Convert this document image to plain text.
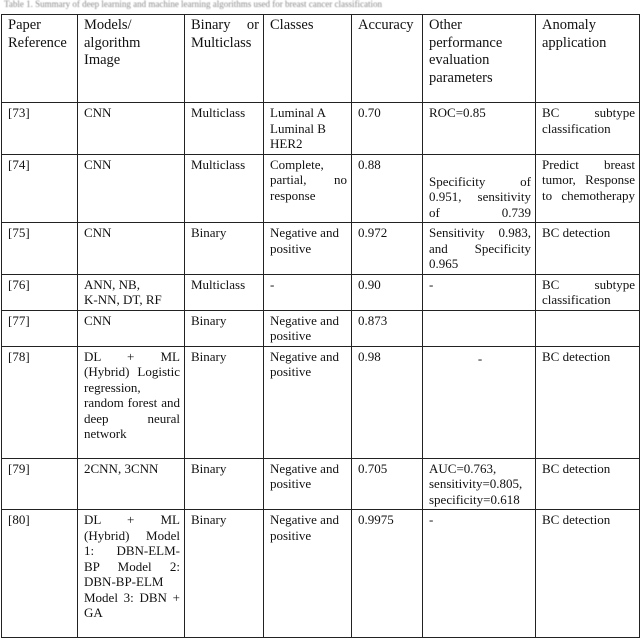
Table 1. Summary of deep learning and machine learning algorithms used for breast cancer classification
Paper Reference	Models/ algorithm Image	Binary or Multiclass	Classes	Accuracy	Other performance evaluation parameters	Anomaly application
[73]	CNN	Multiclass	Luminal A
Luminal B
HER2	0.70	ROC=0.85	BC subtype classification
[74]	CNN	Multiclass	Complete, partial, no response	0.88	Specificity of 0.951, sensitivity of 0.739	Predict breast tumor, Response to chemotherapy
[75]	CNN	Binary	Negative and positive	0.972	Sensitivity 0.983, and Specificity 0.965	BC detection
[76]	ANN, NB,
K-NN, DT, RF	Multiclass	-	0.90	-	BC subtype classification
[77]	CNN	Binary	Negative and positive	0.873		
[78]	DL + ML (Hybrid) Logistic regression, random forest and deep neural network	Binary	Negative and positive	0.98	-	BC detection
[79]	2CNN, 3CNN	Binary	Negative and positive	0.705	AUC=0.763,
sensitivity=0.805,
specificity=0.618	BC detection
[80]	DL + ML (Hybrid) Model 1: DBN-ELM- BP Model 2: DBN-BP-ELM Model 3: DBN + GA	Binary	Negative and positive	0.9975	-	BC detection
